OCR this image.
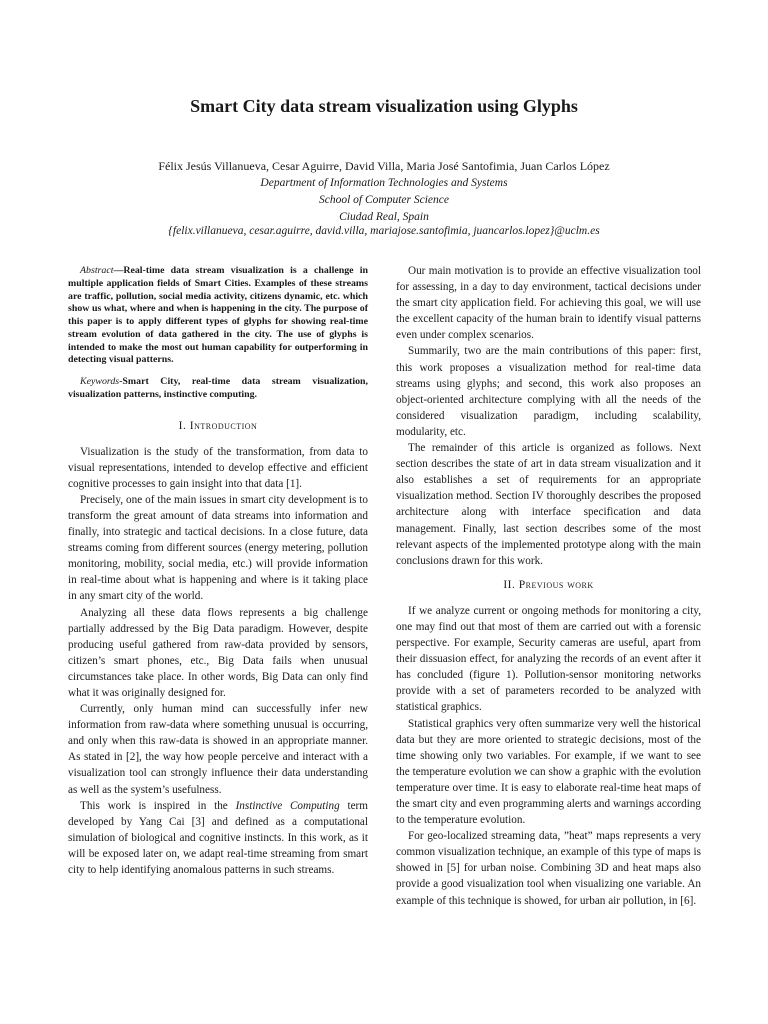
Smart City data stream visualization using Glyphs

Félix Jesús Villanueva, Cesar Aguirre, David Villa, Maria José Santofimia, Juan Carlos López

Department of Information Technologies and Systems

School of Computer Science

Ciudad Real, Spain

{felix.villanueva, cesar.aguirre, david.villa, mariajose.santofimia, juancarlos.lopez}@uclm.es

Abstract—Real-time data stream visualization is a challenge in multiple application fields of Smart Cities. Examples of these streams are traffic, pollution, social media activity, citizens dynamic, etc. which show us what, where and when is happening in the city. The purpose of this paper is to apply different types of glyphs for showing real-time stream evolution of data gathered in the city. The use of glyphs is intended to make the most out human capability for outperforming in detecting visual patterns.

Keywords-Smart City, real-time data stream visualization, visualization patterns, instinctive computing.

I. Introduction

Visualization is the study of the transformation, from data to visual representations, intended to develop effective and efficient cognitive processes to gain insight into that data [1].

Precisely, one of the main issues in smart city development is to transform the great amount of data streams into information and finally, into strategic and tactical decisions. In a close future, data streams coming from different sources (energy metering, pollution monitoring, mobility, social media, etc.) will provide information in real-time about what is happening and where is it taking place in any smart city of the world.

Analyzing all these data flows represents a big challenge partially addressed by the Big Data paradigm. However, despite producing useful gathered from raw-data provided by sensors, citizen’s smart phones, etc., Big Data fails when unusual circumstances take place. In other words, Big Data can only find what it was originally designed for.

Currently, only human mind can successfully infer new information from raw-data where something unusual is occurring, and only when this raw-data is showed in an appropriate manner. As stated in [2], the way how people perceive and interact with a visualization tool can strongly influence their data understanding as well as the system’s usefulness.

This work is inspired in the Instinctive Computing term developed by Yang Cai [3] and defined as a computational simulation of biological and cognitive instincts. In this work, as it will be exposed later on, we adapt real-time streaming from smart city to help identifying anomalous patterns in such streams.

Our main motivation is to provide an effective visualization tool for assessing, in a day to day environment, tactical decisions under the smart city application field. For achieving this goal, we will use the excellent capacity of the human brain to identify visual patterns even under complex scenarios.

Summarily, two are the main contributions of this paper: first, this work proposes a visualization method for real-time data streams using glyphs; and second, this work also proposes an object-oriented architecture complying with all the needs of the considered visualization paradigm, including scalability, modularity, etc.

The remainder of this article is organized as follows. Next section describes the state of art in data stream visualization and it also establishes a set of requirements for an appropriate visualization method. Section IV thoroughly describes the proposed architecture along with interface specification and data management. Finally, last section describes some of the most relevant aspects of the implemented prototype along with the main conclusions drawn for this work.

II. Previous work

If we analyze current or ongoing methods for monitoring a city, one may find out that most of them are carried out with a forensic perspective. For example, Security cameras are useful, apart from their dissuasion effect, for analyzing the records of an event after it has concluded (figure 1). Pollution-sensor monitoring networks provide with a set of parameters recorded to be analyzed with statistical graphics.

Statistical graphics very often summarize very well the historical data but they are more oriented to strategic decisions, most of the time showing only two variables. For example, if we want to see the temperature evolution we can show a graphic with the evolution temperature over time. It is easy to elaborate real-time heat maps of the smart city and even programming alerts and warnings according to the temperature evolution.

For geo-localized streaming data, ”heat” maps represents a very common visualization technique, an example of this type of maps is showed in [5] for urban noise. Combining 3D and heat maps also provide a good visualization tool when visualizing one variable. An example of this technique is showed, for urban air pollution, in [6].
